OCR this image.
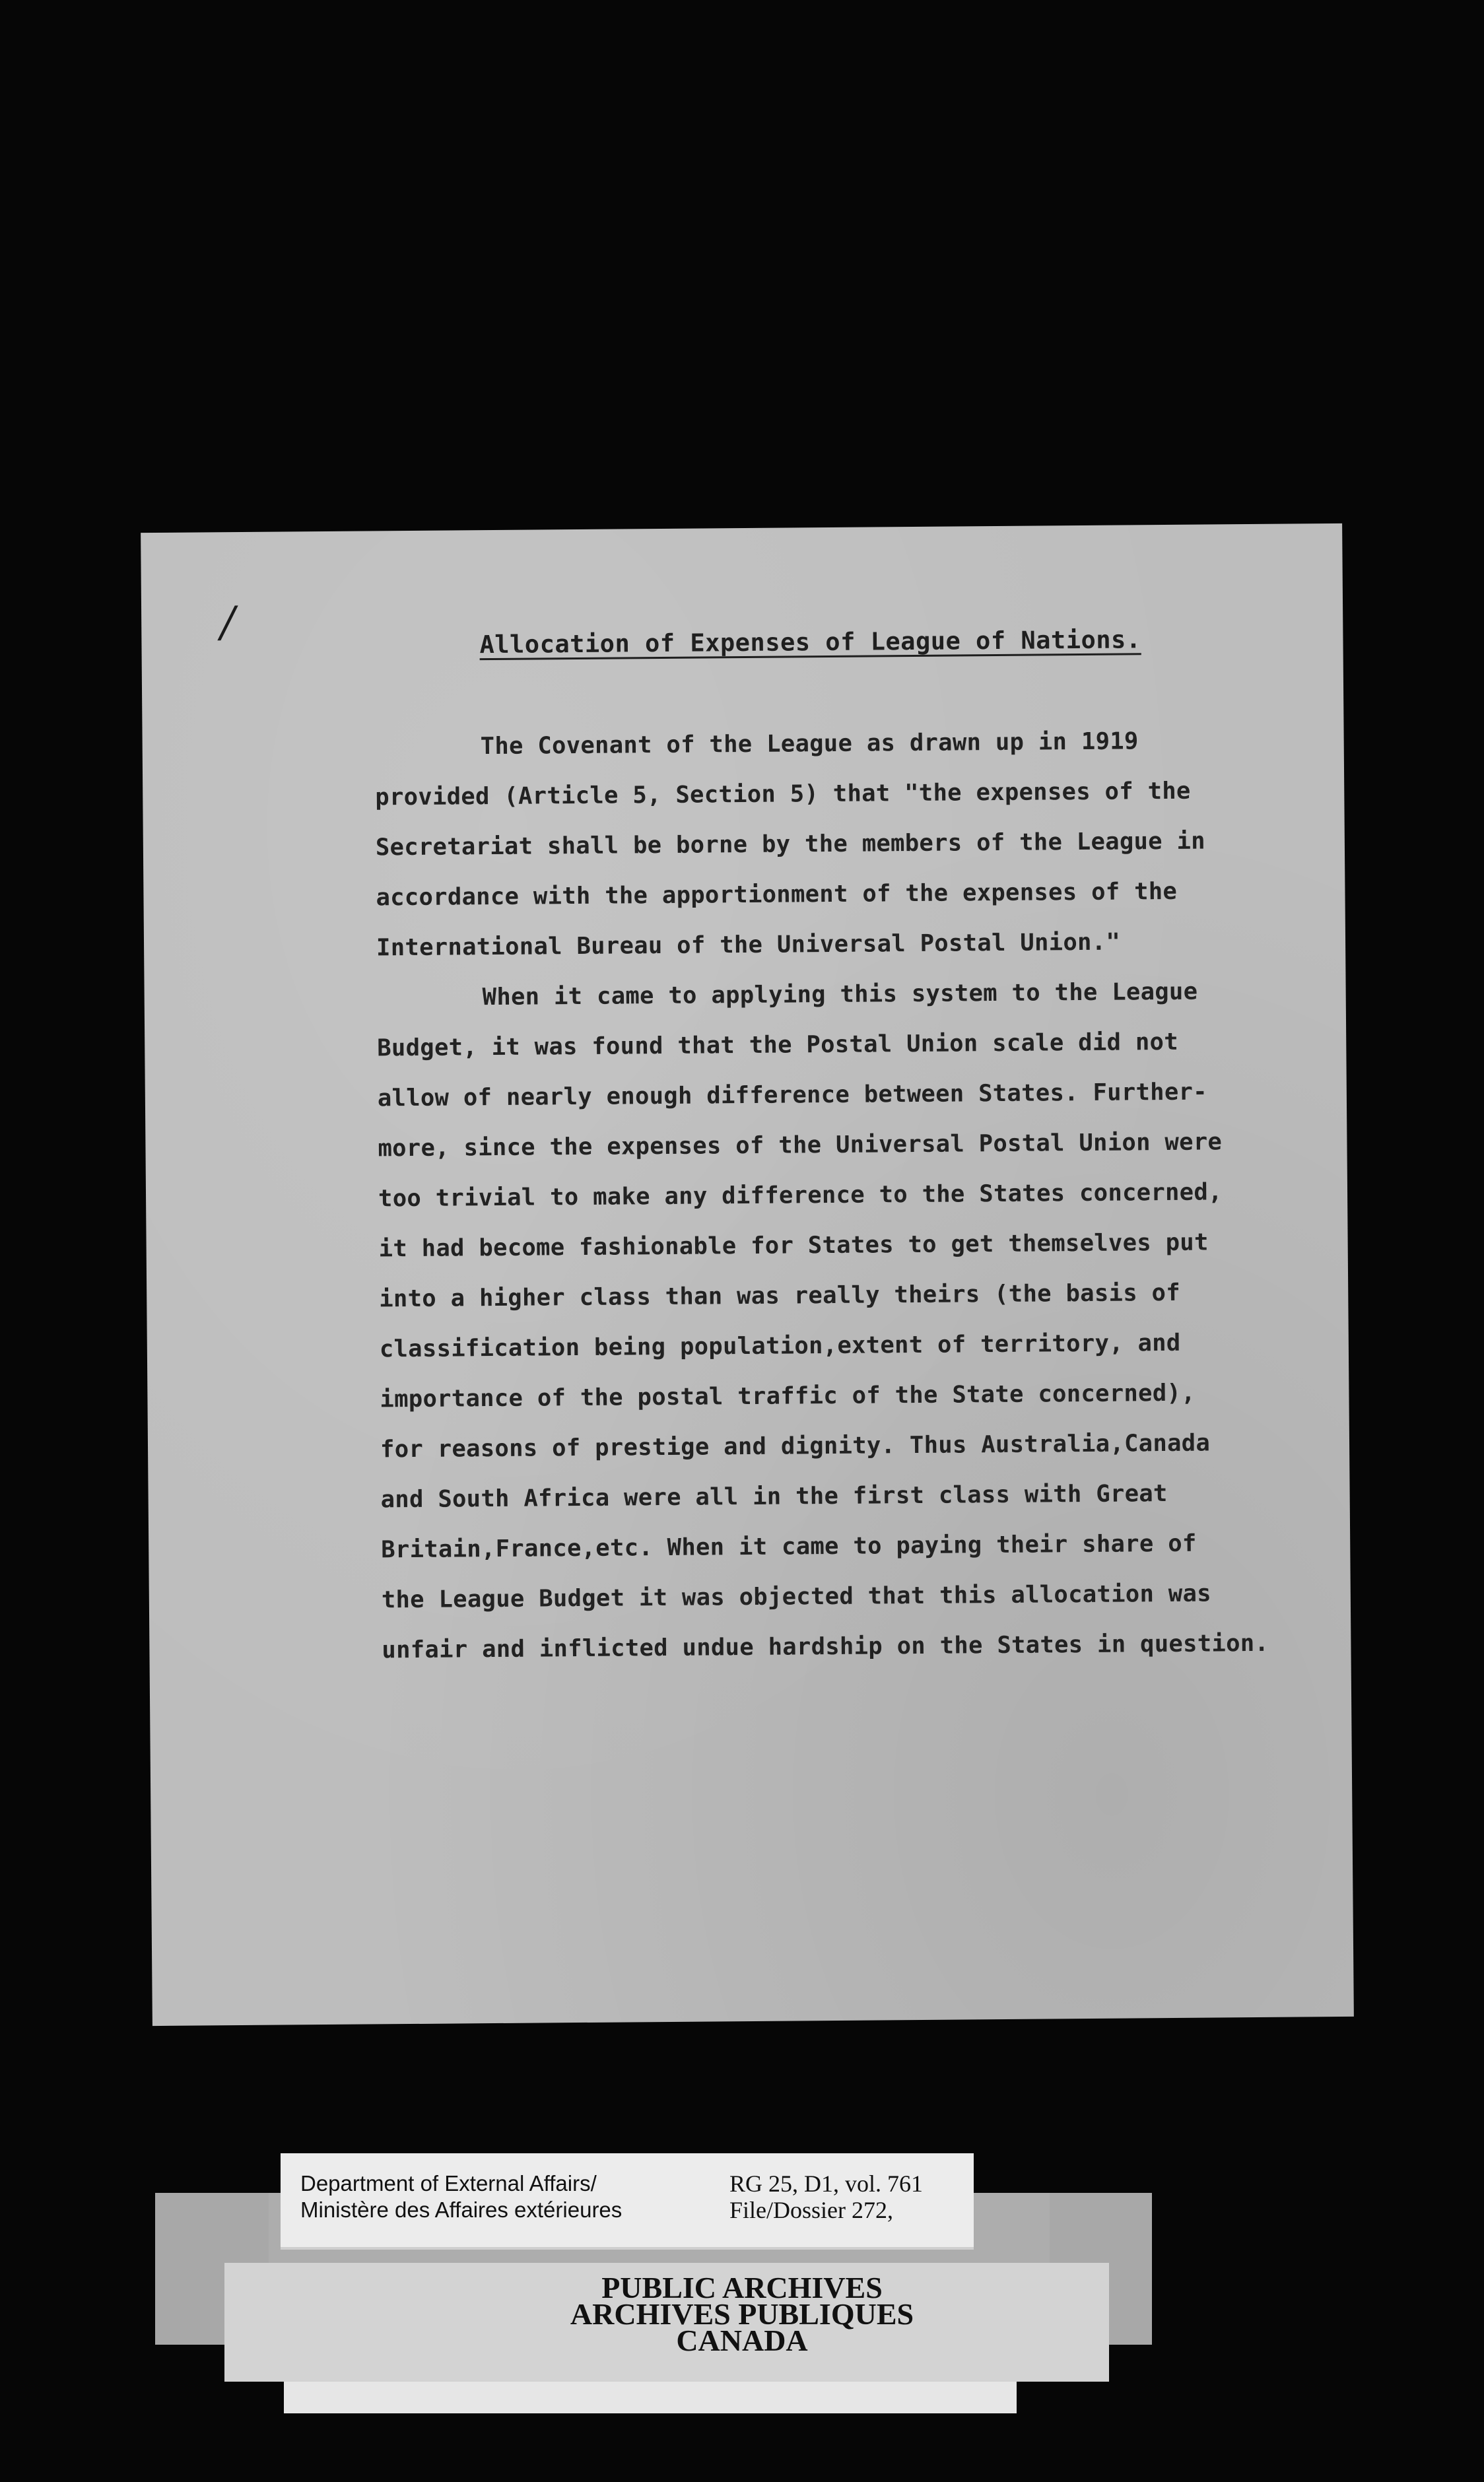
/	Allocation of Expenses of League of Nations.
The Covenant of the League as drawn up in 1919
provided (Article 5, Section 5) that "the expenses of the
Secretariat shall be borne by the members of the League in
accordance with the apportionment of the expenses of the
International Bureau of the Universal Postal Union."
When it came to applying this system to the League
Budget, it was found that the Postal Union scale did not
allow of nearly enough difference between States. Further-
more, since the expenses of the Universal Postal Union were
too trivial to make any difference to the States concerned,
it had become fashionable for States to get themselves put
into a higher class than was really theirs (the basis of
classification being population,extent of territory, and
importance of the postal traffic of the State concerned),
for reasons of prestige and dignity. Thus Australia,Canada
and South Africa were all in the first class with Great
Britain,France,etc. When it came to paying their share of
the League Budget it was objected that this allocation was
unfair and inflicted undue hardship on the States in question.
Department of External Affairs/
Ministère des Affaires extérieures
RG 25, D1, vol. 761
File/Dossier 272,
PUBLIC ARCHIVES
ARCHIVES PUBLIQUES
CANADA
